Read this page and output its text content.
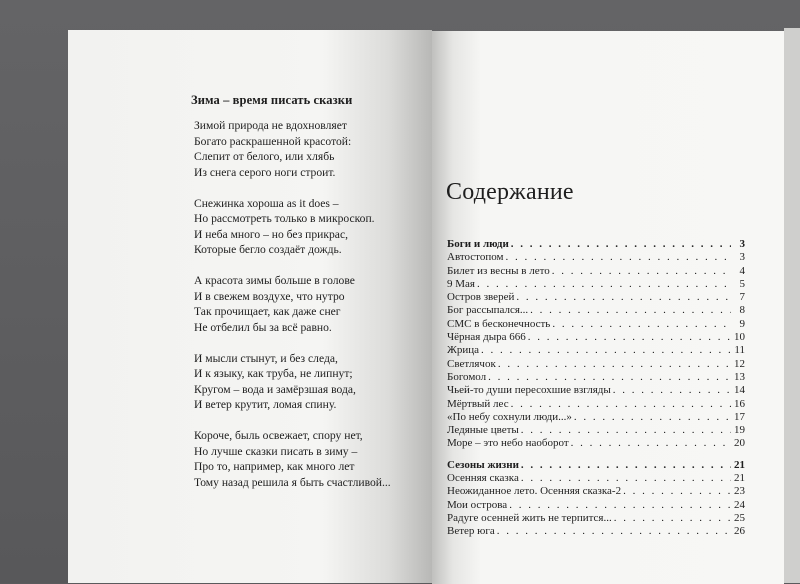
Зима – время писать сказки
Зимой природа не вдохновляет
Богато раскрашенной красотой:
Слепит от белого, или хлябь
Из снега серого ноги строит.
Снежинка хороша as it does –
Но рассмотреть только в микроскоп.
И неба много – но без прикрас,
Которые бегло создаёт дождь.
А красота зимы больше в голове
И в свежем воздухе, что нутро
Так прочищает, как даже снег
Не отбелил бы за всё равно.
И мысли стынут, и без следа,
И к языку, как труба, не липнут;
Кругом – вода и замёрзшая вода,
И ветер крутит, ломая спину.
Короче, быль освежает, спору нет,
Но лучше сказки писать в зиму –
Про то, например, как много лет
Тому назад решила я быть счастливой...
Содержание
Боги и люди . . .	3
Автостопом . . .	3
Билет из весны в лето . . .	4
9 Мая . . .	5
Остров зверей . . .	7
Бог рассыпался... . . .	8
СМС в бесконечность . . .	9
Чёрная дыра 666 . . .	10
Жрица . . .	11
Светлячок . . .	12
Богомол . . .	13
Чьей-то души пересохшие взгляды . . .	14
Мёртвый лес . . .	16
«По небу сохнули люди...» . . .	17
Ледяные цветы . . .	19
Море – это небо наоборот . . .	20
Сезоны жизни . . .	21
Осенняя сказка . . .	21
Неожиданное лето. Осенняя сказка-2 . . .	23
Мои острова . . .	24
Радуге осенней жить не терпится... . . .	25
Ветер юга . . .	26
